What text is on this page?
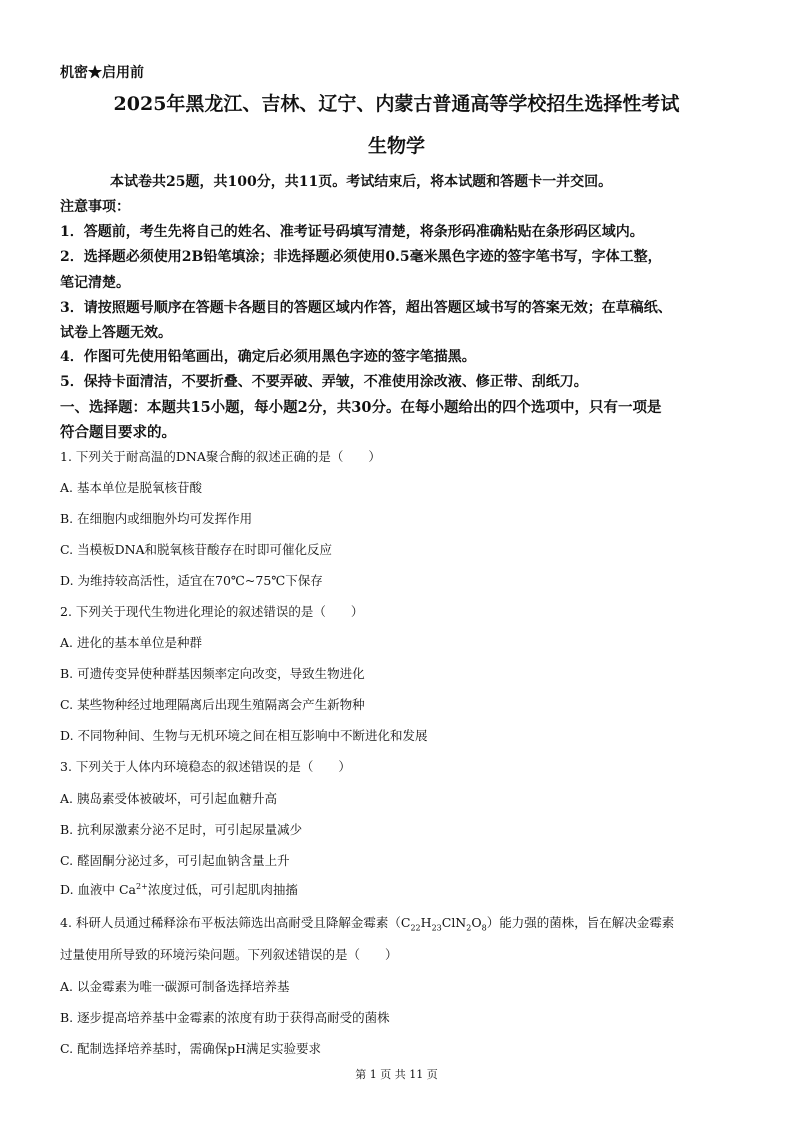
机密★启用前
2025年黑龙江、吉林、辽宁、内蒙古普通高等学校招生选择性考试
生物学
本试卷共25题，共100分，共11页。考试结束后，将本试题和答题卡一并交回。
注意事项：
1．答题前，考生先将自己的姓名、准考证号码填写清楚，将条形码准确粘贴在条形码区域内。
2．选择题必须使用2B铅笔填涂；非选择题必须使用0.5毫米黑色字迹的签字笔书写，字体工整，
笔记清楚。
3．请按照题号顺序在答题卡各题目的答题区域内作答，超出答题区域书写的答案无效；在草稿纸、
试卷上答题无效。
4．作图可先使用铅笔画出，确定后必须用黑色字迹的签字笔描黑。
5．保持卡面清洁，不要折叠、不要弄破、弄皱，不准使用涂改液、修正带、刮纸刀。
一、选择题：本题共15小题，每小题2分，共30分。在每小题给出的四个选项中，只有一项是
符合题目要求的。
1. 下列关于耐高温的DNA聚合酶的叙述正确的是（　　）
A. 基本单位是脱氧核苷酸
B. 在细胞内或细胞外均可发挥作用
C. 当模板DNA和脱氧核苷酸存在时即可催化反应
D. 为维持较高活性，适宜在70℃~75℃下保存
2. 下列关于现代生物进化理论的叙述错误的是（　　）
A. 进化的基本单位是种群
B. 可遗传变异使种群基因频率定向改变，导致生物进化
C. 某些物种经过地理隔离后出现生殖隔离会产生新物种
D. 不同物种间、生物与无机环境之间在相互影响中不断进化和发展
3. 下列关于人体内环境稳态的叙述错误的是（　　）
A. 胰岛素受体被破坏，可引起血糖升高
B. 抗利尿激素分泌不足时，可引起尿量减少
C. 醛固酮分泌过多，可引起血钠含量上升
D. 血液中 $Ca^{2+}$浓度过低，可引起肌肉抽搐
4. 科研人员通过稀释涂布平板法筛选出高耐受且降解金霉素$(C_{22}H_{23}ClN_2O_8)$能力强的菌株，旨在解决金霉素
过量使用所导致的环境污染问题。下列叙述错误的是（　　）
A. 以金霉素为唯一碳源可制备选择培养基
B. 逐步提高培养基中金霉素的浓度有助于获得高耐受的菌株
C. 配制选择培养基时，需确保pH满足实验要求
第 1 页 共 11 页
